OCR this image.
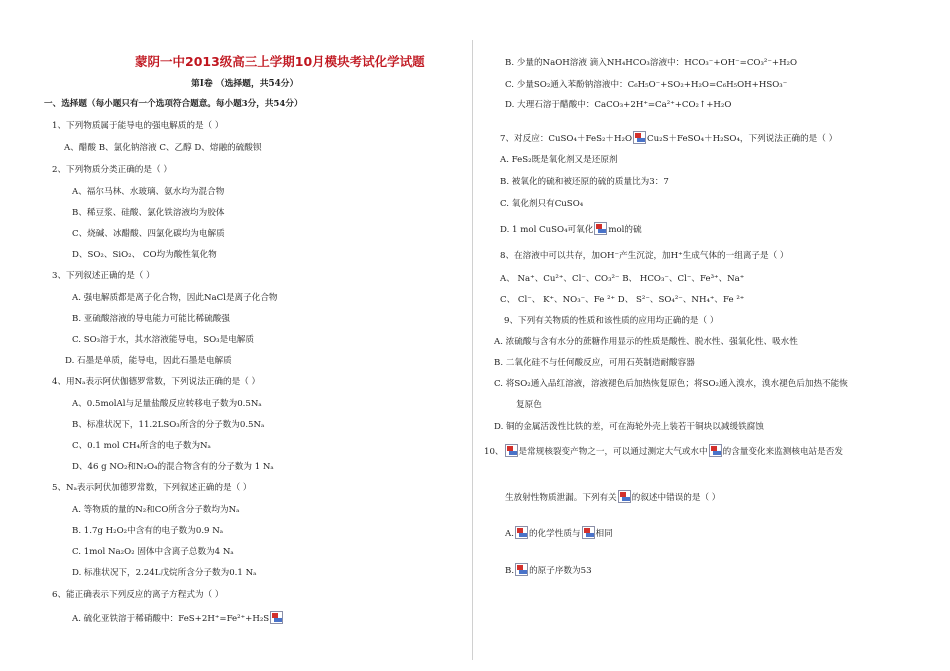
蒙阴一中2013级高三上学期10月模块考试化学试题
第Ⅰ卷 （选择题，共54分）
一、选择题（每小题只有一个选项符合题意。每小题3分，共54分）
1、下列物质属于能导电的强电解质的是（ ）
A、醋酸 B、氯化钠溶液 C、乙醇 D、熔融的硫酸钡
2、下列物质分类正确的是（ ）
A、福尔马林、水玻璃、氨水均为混合物
B、稀豆浆、硅酸、氯化铁溶液均为胶体
C、烧碱、冰醋酸、四氯化碳均为电解质
D、SO₂、SiO₂、 CO均为酸性氧化物
3、下列叙述正确的是（ ）
A. 强电解质都是离子化合物，因此NaCl是离子化合物
B. 亚硫酸溶液的导电能力可能比稀硫酸强
C. SO₃溶于水，其水溶液能导电，SO₃是电解质
D. 石墨是单质，能导电，因此石墨是电解质
4、用Nₐ表示阿伏伽德罗常数，下列说法正确的是（ ）
A、0.5molAl与足量盐酸反应转移电子数为0.5Nₐ
B、标准状况下，11.2LSO₃所含的分子数为0.5Nₐ
C、0.1 mol CH₄所含的电子数为Nₐ
D、46 g NO₂和N₂O₄的混合物含有的分子数为 1 Nₐ
5、Nₐ表示阿伏加德罗常数，下列叙述正确的是（ ）
A. 等物质的量的N₂和CO所含分子数均为Nₐ
B. 1.7g H₂O₂中含有的电子数为0.9 Nₐ
C. 1mol Na₂O₂ 固体中含离子总数为4 Nₐ
D. 标准状况下，2.24L戊烷所含分子数为0.1 Nₐ
6、能正确表示下列反应的离子方程式为（ ）
A. 硫化亚铁溶于稀硝酸中：FeS+2H⁺=Fe²⁺+H₂S
B. 少量的NaOH溶液 滴入NH₄HCO₃溶液中：HCO₃⁻+OH⁻=CO₃²⁻+H₂O
C. 少量SO₂通入苯酚钠溶液中：C₆H₅O⁻+SO₂+H₂O=C₆H₅OH+HSO₃⁻
D. 大理石溶于醋酸中：CaCO₃+2H⁺=Ca²⁺+CO₂↑+H₂O
7、对反应：CuSO₄＋FeS₂＋H₂O Cu₂S＋FeSO₄＋H₂SO₄，下列说法正确的是（ ）
A. FeS₂既是氧化剂又是还原剂
B. 被氧化的硫和被还原的硫的质量比为3：7
C. 氧化剂只有CuSO₄
D. 1 mol CuSO₄可氧化 mol的硫
8、在溶液中可以共存，加OH⁻产生沉淀，加H⁺生成气体的一组离子是（ ）
A、 Na⁺、Cu²⁺、Cl⁻、CO₃²⁻ B、 HCO₃⁻、Cl⁻、Fe³⁺、Na⁺
C、 Cl⁻、 K⁺、NO₃⁻、Fe ²⁺ D、 S²⁻、SO₄²⁻、NH₄⁺、Fe ²⁺
9、下列有关物质的性质和该性质的应用均正确的是（ ）
A. 浓硫酸与含有水分的蔗糖作用显示的性质是酸性、脱水性、强氧化性、吸水性
B. 二氧化硅不与任何酸反应，可用石英制造耐酸容器
C. 将SO₂通入品红溶液，溶液褪色后加热恢复原色；将SO₂通入溴水，溴水褪色后加热不能恢
复原色
D. 铜的金属活泼性比铁的差，可在海轮外壳上装若干铜块以减缓铁腐蚀
10、 是常规核裂变产物之一，可以通过测定大气或水中 的含量变化来监测核电站是否发
生放射性物质泄漏。下列有关 的叙述中错误的是（ ）
A. 的化学性质与 相同
B. 的原子序数为53
